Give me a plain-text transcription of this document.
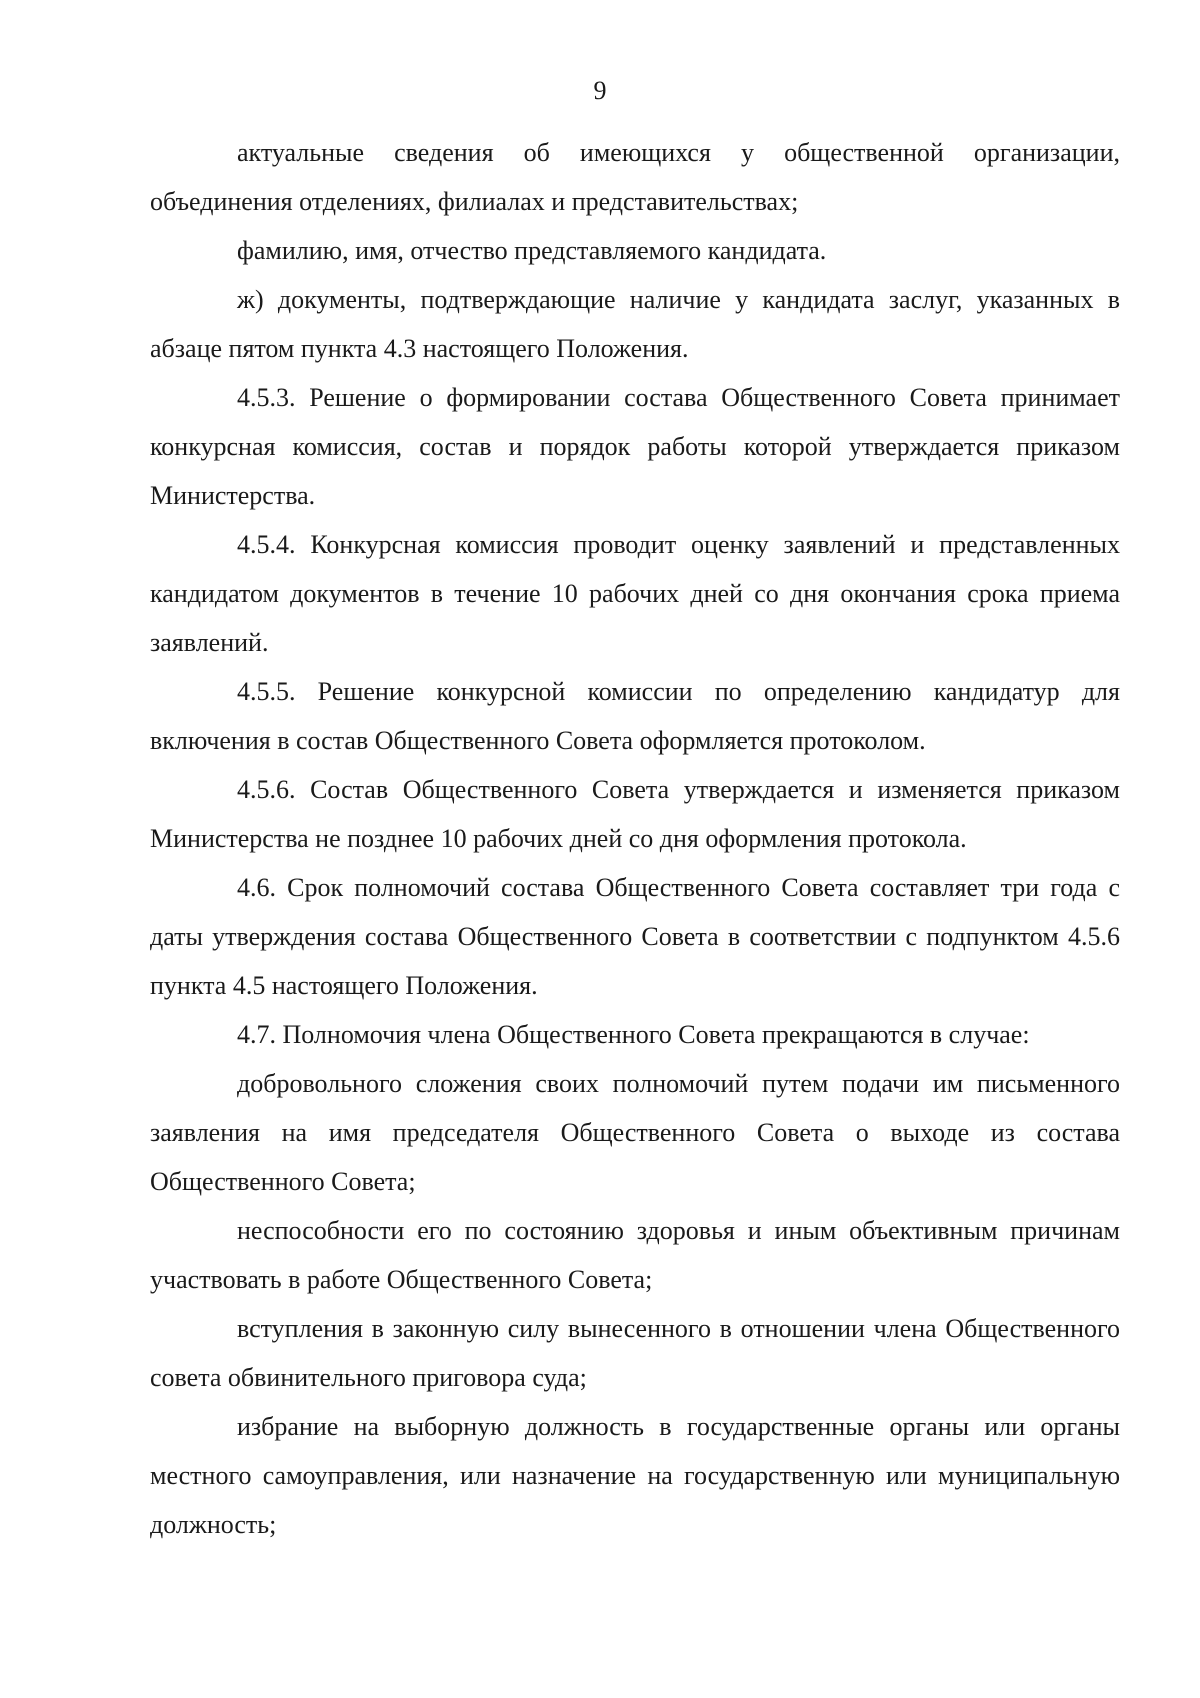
9

актуальные сведения об имеющихся у общественной организации, объединения отделениях, филиалах и представительствах;

фамилию, имя, отчество представляемого кандидата.

ж) документы, подтверждающие наличие у кандидата заслуг, указанных в абзаце пятом пункта 4.3 настоящего Положения.

4.5.3. Решение о формировании состава Общественного Совета принимает конкурсная комиссия, состав и порядок работы которой утверждается приказом Министерства.

4.5.4. Конкурсная комиссия проводит оценку заявлений и представленных кандидатом документов в течение 10 рабочих дней со дня окончания срока приема заявлений.

4.5.5. Решение конкурсной комиссии по определению кандидатур для включения в состав Общественного Совета оформляется протоколом.

4.5.6. Состав Общественного Совета утверждается и изменяется приказом Министерства не позднее 10 рабочих дней со дня оформления протокола.

4.6. Срок полномочий состава Общественного Совета составляет три года с даты утверждения состава Общественного Совета в соответствии с подпунктом 4.5.6 пункта 4.5 настоящего Положения.

4.7. Полномочия члена Общественного Совета прекращаются в случае:

добровольного сложения своих полномочий путем подачи им письменного заявления на имя председателя Общественного Совета о выходе из состава Общественного Совета;

неспособности его по состоянию здоровья и иным объективным причинам участвовать в работе Общественного Совета;

вступления в законную силу вынесенного в отношении члена Общественного совета обвинительного приговора суда;

избрание на выборную должность в государственные органы или органы местного самоуправления, или назначение на государственную или муниципальную должность;
